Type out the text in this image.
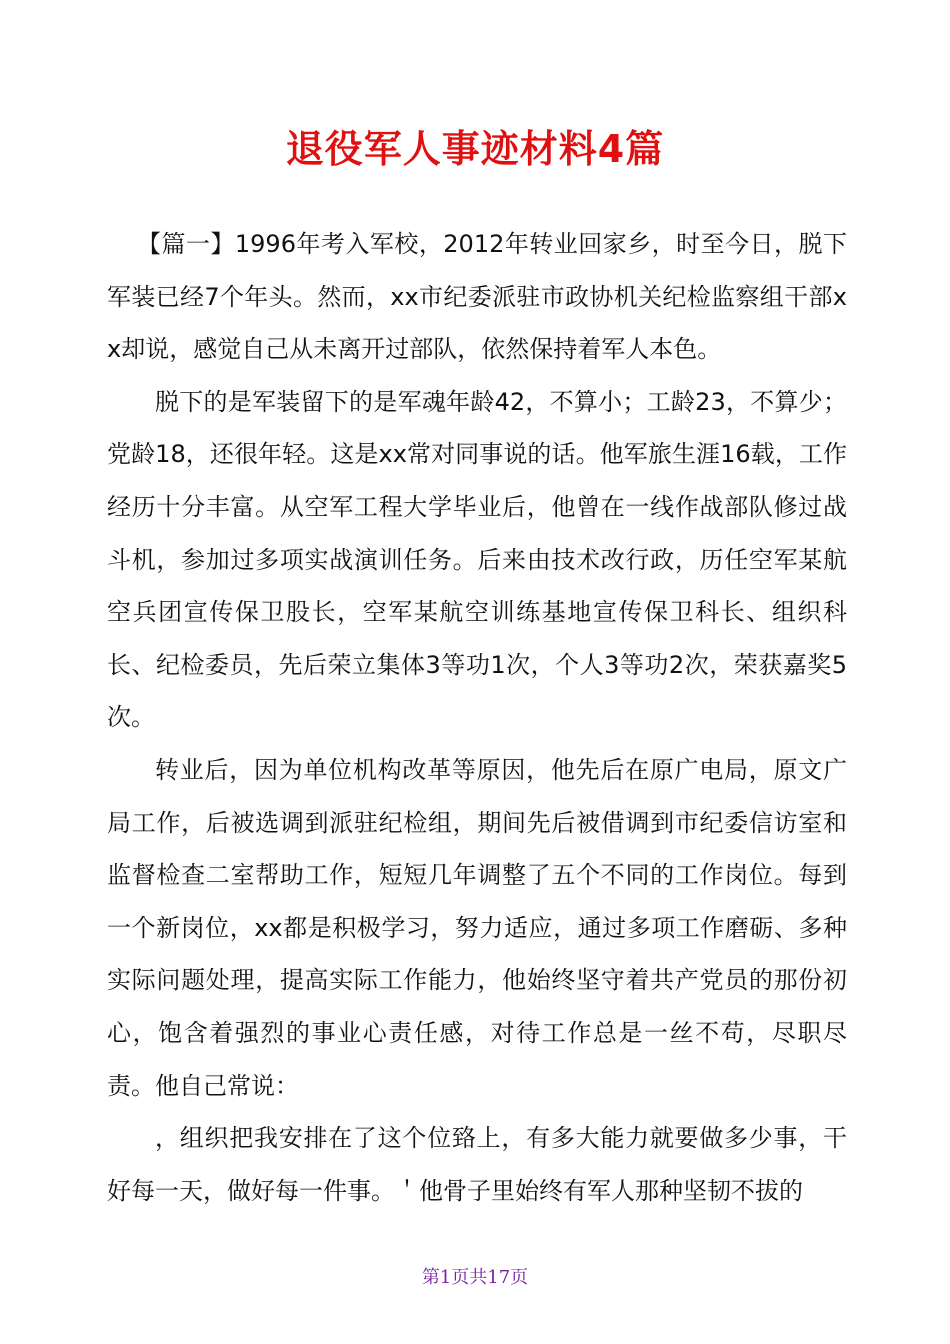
退役军人事迹材料4篇

【篇一】1996年考入军校，2012年转业回家乡，时至今日，脱下军装已经7个年头。然而，xx市纪委派驻市政协机关纪检监察组干部xx却说，感觉自己从未离开过部队，依然保持着军人本色。

脱下的是军装留下的是军魂年龄42，不算小；工龄23，不算少；党龄18，还很年轻。这是xx常对同事说的话。他军旅生涯16载，工作经历十分丰富。从空军工程大学毕业后，他曾在一线作战部队修过战斗机，参加过多项实战演训任务。后来由技术改行政，历任空军某航空兵团宣传保卫股长，空军某航空训练基地宣传保卫科长、组织科长、纪检委员，先后荣立集体3等功1次，个人3等功2次，荣获嘉奖5次。

转业后，因为单位机构改革等原因，他先后在原广电局，原文广局工作，后被选调到派驻纪检组，期间先后被借调到市纪委信访室和监督检查二室帮助工作，短短几年调整了五个不同的工作岗位。每到一个新岗位，xx都是积极学习，努力适应，通过多项工作磨砺、多种实际问题处理，提高实际工作能力，他始终坚守着共产党员的那份初心，饱含着强烈的事业心责任感，对待工作总是一丝不苟，尽职尽责。他自己常说：

，组织把我安排在了这个位臵上，有多大能力就要做多少事，干好每一天，做好每一件事。＇他骨子里始终有军人那种坚韧不拔的

第1页共17页
